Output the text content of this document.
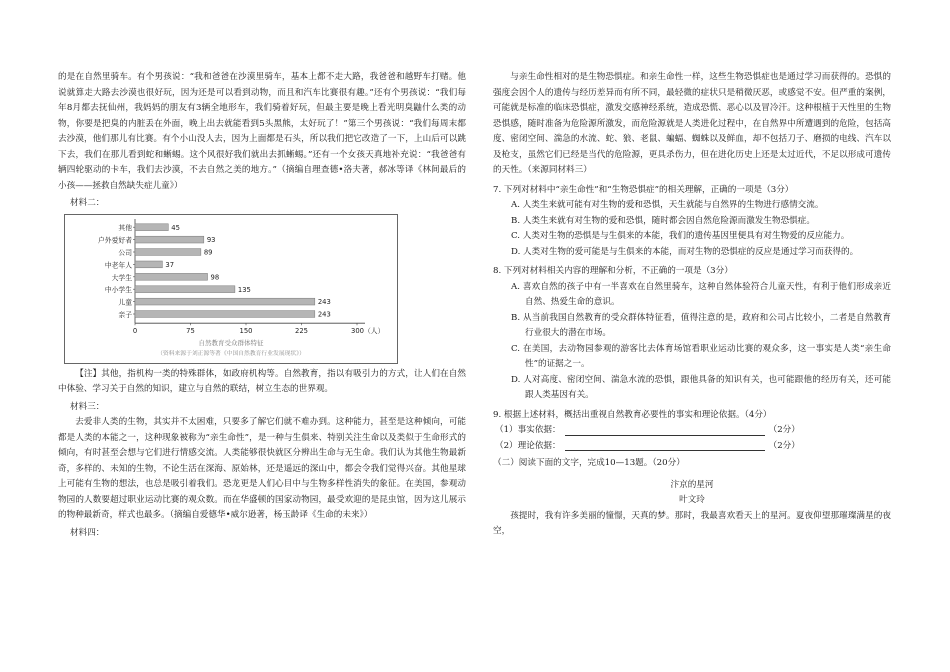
的是在自然里骑车。有个男孩说：“我和爸爸在沙漠里骑车，基本上都不走大路，我爸爸和越野车打赌。他说就算走大路去沙漠也很好玩，因为还是可以看到动物，而且和汽车比赛很有趣。”还有个男孩说：“我们每年8月都去抚仙州，我妈妈的朋友有3辆全地形车，我们骑着好玩，但最主要是晚上看光明臭鼬什么类的动物，你要是把臭的内脏丢在外面，晚上出去就能看到5头黑熊，太好玩了！”第三个男孩说：“我们每周末都去沙漠，他们那儿有比赛。有个小山没人去，因为上面都是石头，所以我们把它改造了一下，上山后可以跳下去，我们在那儿看到蛇和蜥蜴。这个风很好我们就出去抓蜥蜴。”还有一个女孩天真地补充说：“我爸爸有辆四轮驱动的卡车，我们去沙漠，不去自然之美的地方。”（摘编自理查德•洛夫著，郝冰等译《林间最后的小孩——拯救自然缺失症儿童》）

材料二：

其他	45
户外爱好者	93
公司	89
中老年人	37
大学生	98
中小学生	135
儿童	243
亲子	243
0	75	150	225	300（人）
自然教育受众群体特征
（资料来源于刘正源等著《中国自然教育行业发展现状》）

【注】其他，指机构一类的特殊群体，如政府机构等。自然教育，指以有吸引力的方式，让人们在自然中体验、学习关于自然的知识，建立与自然的联结，树立生态的世界观。

材料三：

去爱非人类的生物，其实并不太困难，只要多了解它们就不难办到。这种能力，甚至是这种倾向，可能都是人类的本能之一，这种现象被称为“亲生命性”，是一种与生俱来、特别关注生命以及类似于生命形式的倾向，有时甚至会想与它们进行情感交流。人类能够很快就区分辨出生命与无生命。我们认为其他生物最新奇，多样的、未知的生物，不论生活在深海、原始林，还是遥远的深山中，都会令我们觉得兴奋。其他星球上可能有生物的想法，也总是吸引着我们。恐龙更是人们心目中与生物多样性消失的象征。在美国，参观动物园的人数要超过职业运动比赛的观众数。而在华盛顿的国家动物园，最受欢迎的是昆虫馆，因为这儿展示的物种最新奇，样式也最多。（摘编自爱德华•威尔逊著，杨玉龄译《生命的未来》）

材料四：

与亲生命性相对的是生物恐惧症。和亲生命性一样，这些生物恐惧症也是通过学习而获得的。恐惧的强度会因个人的遗传与经历差异而有所不同，最轻微的症状只是稍微厌恶，或感觉不安。但严重的案例，可能就是标准的临床恐惧症，激发交感神经系统，造成恐慌、恶心以及冒冷汗。这种根植于天性里的生物恐惧感，随时准备为危险源所激发，而危险源就是人类进化过程中，在自然界中所遭遇到的危险，包括高度、密闭空间、湍急的水流、蛇、狼、老鼠、蝙蝠、蜘蛛以及鲜血，却不包括刀子、磨损的电线、汽车以及枪支，虽然它们已经是当代的危险源，更具杀伤力，但在进化历史上还是太过近代，不足以形成可遗传的天性。（来源同材料三）

7. 下列对材料中“亲生命性”和“生物恐惧症”的相关理解，正确的一项是（3分）

A. 人类生来就可能有对生物的爱和恐惧，天生就能与自然界的生物进行感情交流。

B. 人类生来就有对生物的爱和恐惧，随时都会因自然危险源而激发生物恐惧症。

C. 人类对生物的恐惧是与生俱来的本能，我们的遗传基因里便具有对生物爱的反应能力。

D. 人类对生物的爱可能是与生俱来的本能，而对生物的恐惧症的反应是通过学习而获得的。

8. 下列对材料相关内容的理解和分析，不正确的一项是（3分）

A. 喜欢自然的孩子中有一半喜欢在自然里骑车，这种自然体验符合儿童天性，有利于他们形成亲近自然、热爱生命的意识。

B. 从当前我国自然教育的受众群体特征看，值得注意的是，政府和公司占比较小，二者是自然教育行业很大的潜在市场。

C. 在美国，去动物园参观的游客比去体育场馆看职业运动比赛的观众多，这一事实是人类“亲生命性”的证据之一。

D. 人对高度、密闭空间、湍急水流的恐惧，跟他具备的知识有关，也可能跟他的经历有关，还可能跟人类基因有关。

9. 根据上述材料，概括出重视自然教育必要性的事实和理论依据。（4分）

（1）事实依据：	（2分）
（2）理论依据：	（2分）

（二）阅读下面的文字，完成10—13题。（20分）

汴京的星河

叶文玲

孩提时，我有许多美丽的憧憬，天真的梦。那时，我最喜欢看天上的星河。夏夜仰望那璀璨满星的夜空，
